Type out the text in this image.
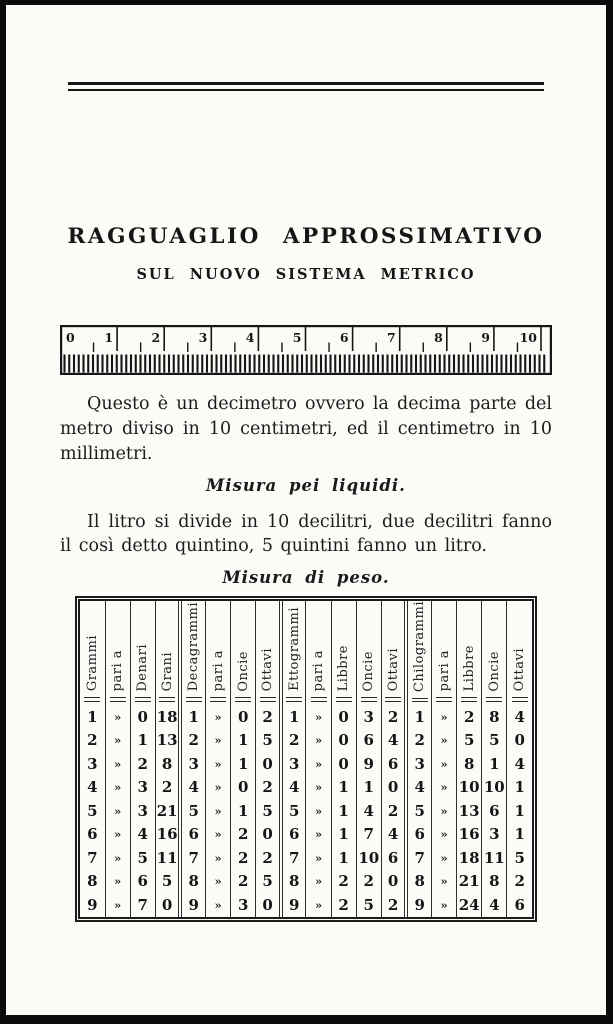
RAGGUAGLIO APPROSSIMATIVO
SUL NUOVO SISTEMA METRICO
0 1	2	3	4	5	6	7	8	9 10

Questo è un decimetro ovvero la decima parte del metro diviso in 10 centimetri, ed il centimetro in 10 millimetri.

Misura pei liquidi.

Il litro si divide in 10 decilitri, due decilitri fanno il così detto quintino, 5 quintini fanno un litro.

Misura di peso.
Grammi	pari a	Denari	Grani	Decagrammi	pari a	Oncie	Ottavi	Ettogrammi	pari a	Libbre	Oncie	Ottavi	Chilogrammi	pari a	Libbre	Oncie	Ottavi

1	»	0	18	1	»	0	2	1	»	0	3	2	1	»	2	8	4
2	»	1	13	2	»	1	5	2	»	0	6	4	2	»	5	5	0
3	»	2	8	3	»	1	0	3	»	0	9	6	3	»	8	1	4
4	»	3	2	4	»	0	2	4	»	1	1	0	4	»	10	10	1
5	»	3	21	5	»	1	5	5	»	1	4	2	5	»	13	6	1
6	»	4	16	6	»	2	0	6	»	1	7	4	6	»	16	3	1
7	»	5	11	7	»	2	2	7	»	1	10	6	7	»	18	11	5
8	»	6	5	8	»	2	5	8	»	2	2	0	8	»	21	8	2
9	»	7	0	9	»	3	0	9	»	2	5	2	9	»	24	4	6
